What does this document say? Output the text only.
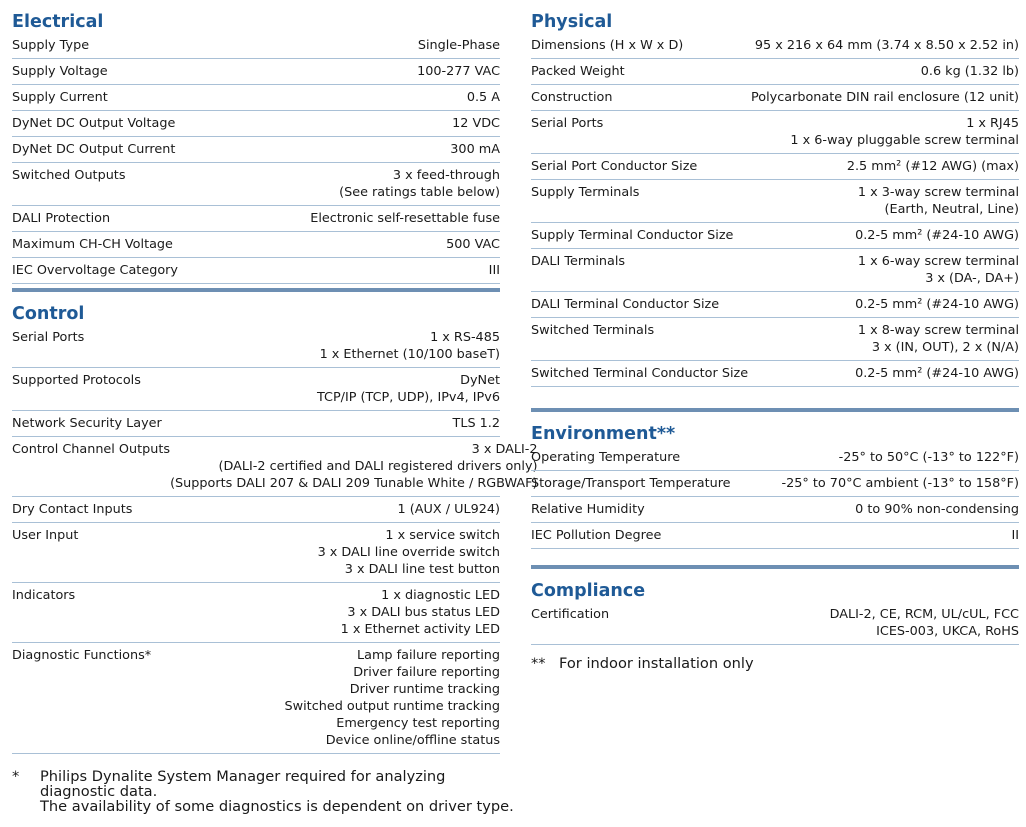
Electrical
Supply Type	Single-Phase
Supply Voltage	100-277 VAC
Supply Current	0.5 A
DyNet DC Output Voltage	12 VDC
DyNet DC Output Current	300 mA
Switched Outputs	3 x feed-through
(See ratings table below)
DALI Protection	Electronic self-resettable fuse
Maximum CH-CH Voltage	500 VAC
IEC Overvoltage Category	III
Control
Serial Ports	1 x RS-485
1 x Ethernet (10/100 baseT)
Supported Protocols	DyNet
TCP/IP (TCP, UDP), IPv4, IPv6
Network Security Layer	TLS 1.2
Control Channel Outputs	3 x DALI-2
(DALI-2 certified and DALI registered drivers only)
(Supports DALI 207 & DALI 209 Tunable White / RGBWAF)
Dry Contact Inputs	1 (AUX / UL924)
User Input	1 x service switch
3 x DALI line override switch
3 x DALI line test button
Indicators	1 x diagnostic LED
3 x DALI bus status LED
1 x Ethernet activity LED
Diagnostic Functions*	Lamp failure reporting
Driver failure reporting
Driver runtime tracking
Switched output runtime tracking
Emergency test reporting
Device online/offline status
Physical
Dimensions (H x W x D)	95 x 216 x 64 mm (3.74 x 8.50 x 2.52 in)
Packed Weight	0.6 kg (1.32 lb)
Construction	Polycarbonate DIN rail enclosure (12 unit)
Serial Ports	1 x RJ45
1 x 6-way pluggable screw terminal
Serial Port Conductor Size	2.5 mm² (#12 AWG) (max)
Supply Terminals	1 x 3-way screw terminal
(Earth, Neutral, Line)
Supply Terminal Conductor Size	0.2-5 mm² (#24-10 AWG)
DALI Terminals	1 x 6-way screw terminal
3 x (DA-, DA+)
DALI Terminal Conductor Size	0.2-5 mm² (#24-10 AWG)
Switched Terminals	1 x 8-way screw terminal
3 x (IN, OUT), 2 x (N/A)
Switched Terminal Conductor Size	0.2-5 mm² (#24-10 AWG)
Environment**
Operating Temperature	-25° to 50°C (-13° to 122°F)
Storage/Transport Temperature	-25° to 70°C ambient (-13° to 158°F)
Relative Humidity	0 to 90% non-condensing
IEC Pollution Degree	II
Compliance
Certification	DALI-2, CE, RCM, UL/cUL, FCC
ICES-003, UKCA, RoHS
* Philips Dynalite System Manager required for analyzing
diagnostic data.
The availability of some diagnostics is dependent on driver type.
** For indoor installation only
